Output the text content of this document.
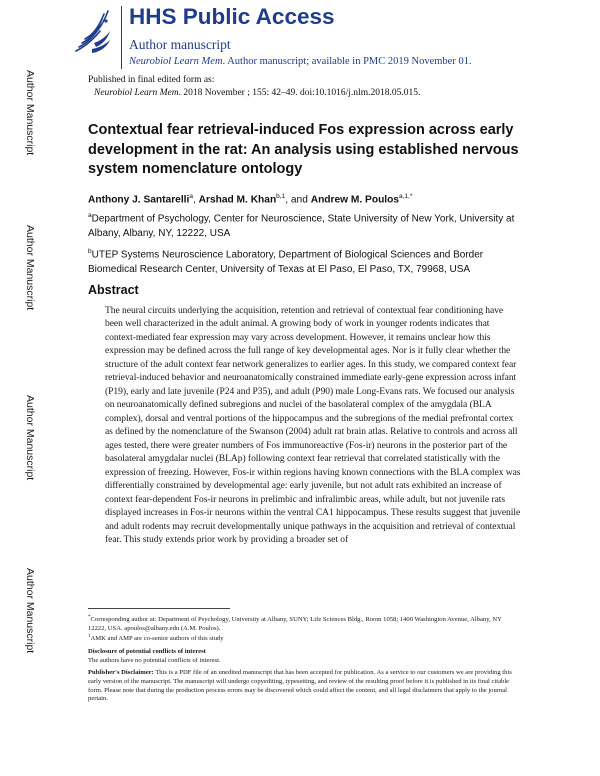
Author Manuscript
Author Manuscript
Author Manuscript
Author Manuscript
HHS Public Access
Author manuscript
Neurobiol Learn Mem. Author manuscript; available in PMC 2019 November 01.
Published in final edited form as:
Neurobiol Learn Mem. 2018 November ; 155: 42–49. doi:10.1016/j.nlm.2018.05.015.
Contextual fear retrieval-induced Fos expression across early development in the rat: An analysis using established nervous system nomenclature ontology
Anthony J. Santarelli$^a$, Arshad M. Khan$^{b,1}$, and Andrew M. Poulos$^{a,1,*}$
$^a$Department of Psychology, Center for Neuroscience, State University of New York, University at Albany, Albany, NY, 12222, USA
$^b$UTEP Systems Neuroscience Laboratory, Department of Biological Sciences and Border Biomedical Research Center, University of Texas at El Paso, El Paso, TX, 79968, USA
Abstract

The neural circuits underlying the acquisition, retention and retrieval of contextual fear conditioning have been well characterized in the adult animal. A growing body of work in younger rodents indicates that context-mediated fear expression may vary across development. However, it remains unclear how this expression may be defined across the full range of key developmental ages. Nor is it fully clear whether the structure of the adult context fear network generalizes to earlier ages. In this study, we compared context fear retrieval-induced behavior and neuroanatomically constrained immediate early-gene expression across infant (P19), early and late juvenile (P24 and P35), and adult (P90) male Long-Evans rats. We focused our analysis on neuroanatomically defined subregions and nuclei of the basolateral complex of the amygdala (BLA complex), dorsal and ventral portions of the hippocampus and the subregions of the medial prefrontal cortex as defined by the nomenclature of the Swanson (2004) adult rat brain atlas. Relative to controls and across all ages tested, there were greater numbers of Fos immunoreactive (Fos-ir) neurons in the posterior part of the basolateral amygdalar nuclei (BLAp) following context fear retrieval that correlated statistically with the expression of freezing. However, Fos-ir within regions having known connections with the BLA complex was differentially constrained by developmental age: early juvenile, but not adult rats exhibited an increase of context fear-dependent Fos-ir neurons in prelimbic and infralimbic areas, while adult, but not juvenile rats displayed increases in Fos-ir neurons within the ventral CA1 hippocampus. These results suggest that juvenile and adult rodents may recruit developmentally unique pathways in the acquisition and retrieval of contextual fear. This study extends prior work by providing a broader set of

*Corresponding author at: Department of Psychology, University at Albany, SUNY; Life Sciences Bldg., Room 1058; 1400 Washington Avenue, Albany, NY 12222, USA. apoulos@albany.edu (A.M. Poulos).

$^1$AMK and AMP are co-senior authors of this study

Disclosure of potential conflicts of interest

The authors have no potential conflicts of interest.

Publisher's Disclaimer: This is a PDF file of an unedited manuscript that has been accepted for publication. As a service to our customers we are providing this early version of the manuscript. The manuscript will undergo copyediting, typesetting, and review of the resulting proof before it is published in its final citable form. Please note that during the production process errors may be discovered which could affect the content, and all legal disclaimers that apply to the journal pertain.
